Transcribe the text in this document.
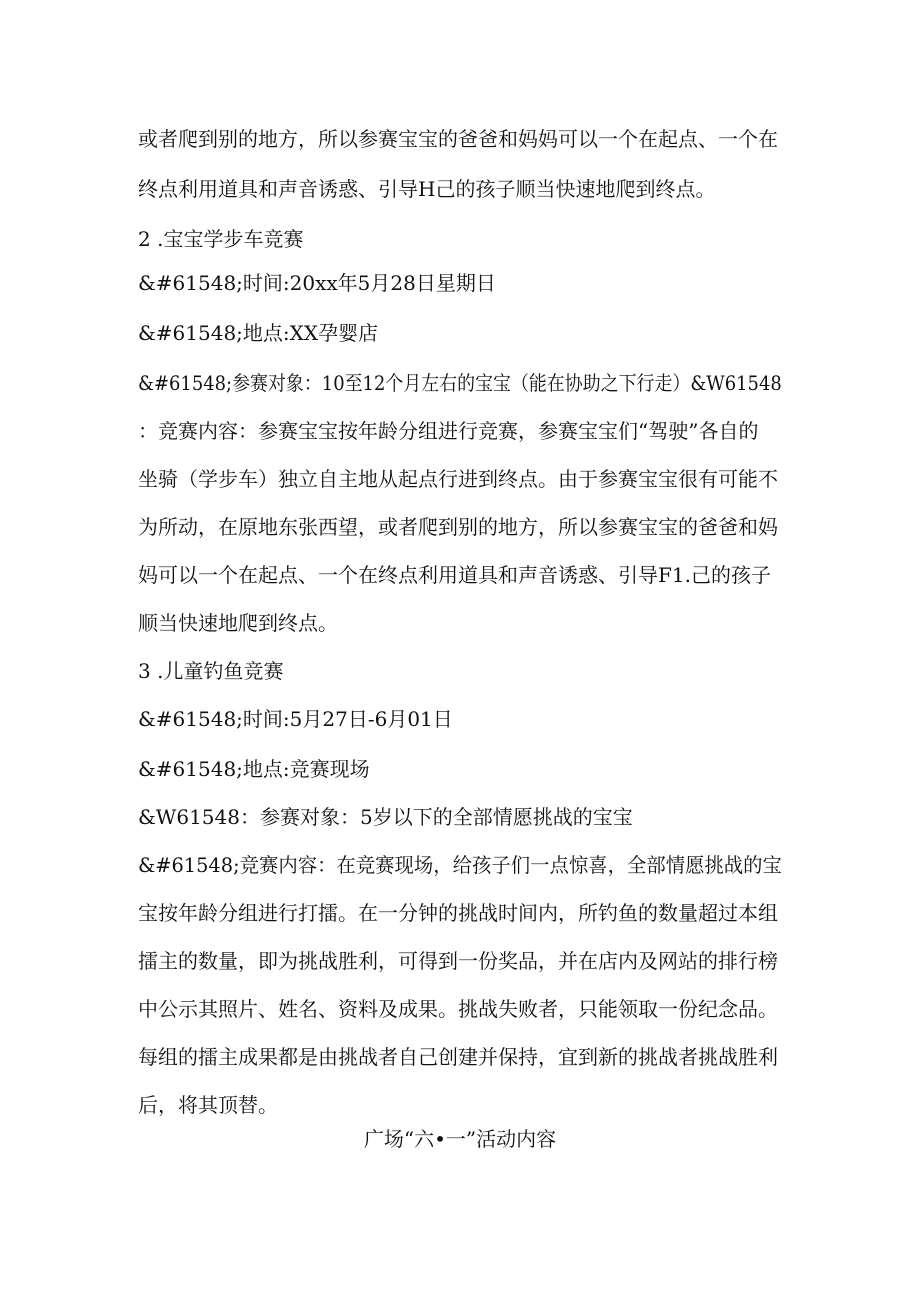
或者爬到别的地方，所以参赛宝宝的爸爸和妈妈可以一个在起点、一个在
终点利用道具和声音诱惑、引导H己的孩子顺当快速地爬到终点。
2 .宝宝学步车竞赛
&#61548;时间:20xx年5月28日星期日
&#61548;地点:XX孕婴店
&#61548;参赛对象：10至12个月左右的宝宝（能在协助之下行走）&W61548
：竞赛内容：参赛宝宝按年龄分组进行竞赛，参赛宝宝们“驾驶”各自的
坐骑（学步车）独立自主地从起点行进到终点。由于参赛宝宝很有可能不
为所动，在原地东张西望，或者爬到别的地方，所以参赛宝宝的爸爸和妈
妈可以一个在起点、一个在终点利用道具和声音诱惑、引导F1.己的孩子
顺当快速地爬到终点。
3 .儿童钓鱼竞赛
&#61548;时间:5月27日-6月01日
&#61548;地点:竞赛现场
&W61548：参赛对象：5岁以下的全部情愿挑战的宝宝
&#61548;竞赛内容：在竞赛现场，给孩子们一点惊喜，全部情愿挑战的宝
宝按年龄分组进行打擂。在一分钟的挑战时间内，所钓鱼的数量超过本组
擂主的数量，即为挑战胜利，可得到一份奖品，并在店内及网站的排行榜
中公示其照片、姓名、资料及成果。挑战失败者，只能领取一份纪念品。
每组的擂主成果都是由挑战者自己创建并保持，宜到新的挑战者挑战胜利
后，将其顶替。
广场“六•一”活动内容
